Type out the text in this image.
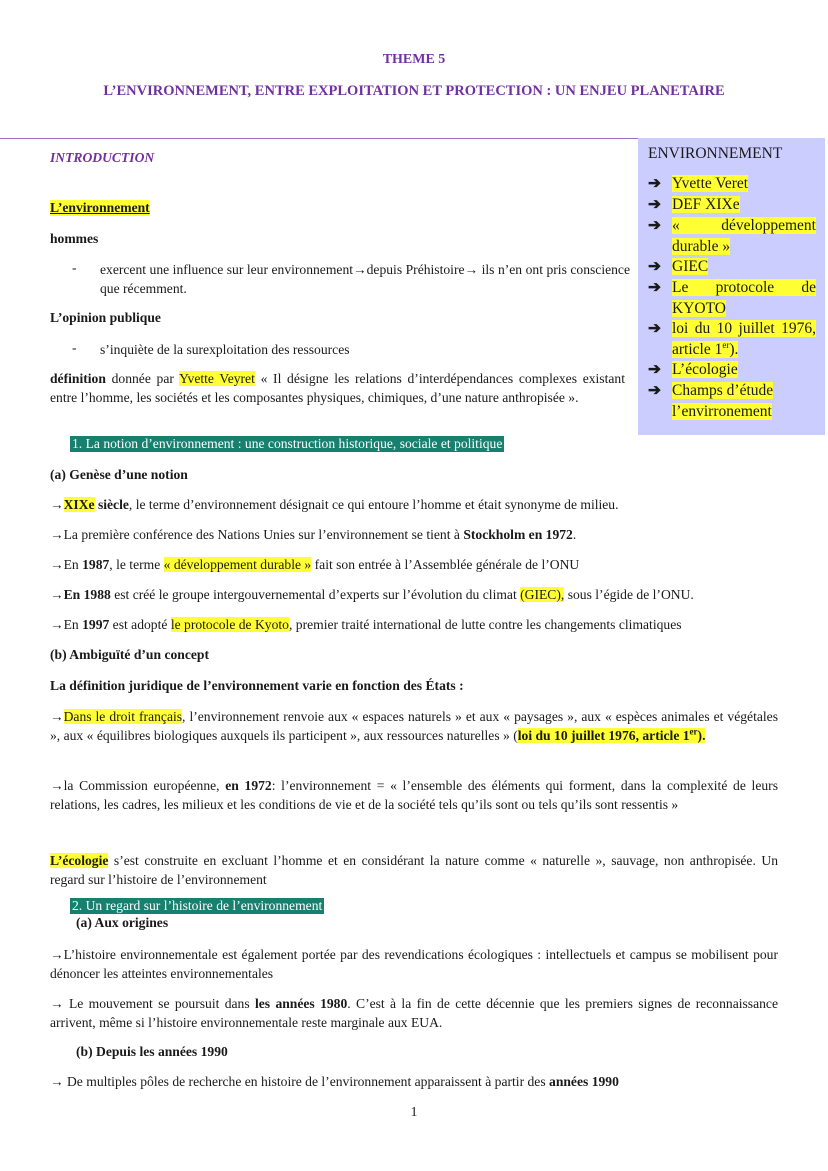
THEME 5
L’ENVIRONNEMENT, ENTRE EXPLOITATION ET PROTECTION : UN ENJEU PLANETAIRE
ENVIRONNEMENT
➔ Yvette Veret
➔ DEF XIXe
➔ « développement durable »
➔ GIEC
➔ Le protocole de KYOTO
➔ loi du 10 juillet 1976, article 1er).
➔ L’écologie
➔ Champs d’étude l’envirronement
INTRODUCTION
L’environnement
hommes
- exercent une influence sur leur environnement→depuis Préhistoire→ ils n’en ont pris conscience que récemment.
L’opinion publique
- s’inquiète de la surexploitation des ressources
définition donnée par Yvette Veyret « Il désigne les relations d’interdépendances complexes existant entre l’homme, les sociétés et les composantes physiques, chimiques, d’une nature anthropisée ».
1. La notion d’environnement : une construction historique, sociale et politique
(a) Genèse d’une notion
→XIXe siècle, le terme d’environnement désignait ce qui entoure l’homme et était synonyme de milieu.
→La première conférence des Nations Unies sur l’environnement se tient à Stockholm en 1972.
→En 1987, le terme « développement durable » fait son entrée à l’Assemblée générale de l’ONU
→En 1988 est créé le groupe intergouvernemental d’experts sur l’évolution du climat (GIEC), sous l’égide de l’ONU.
→En 1997 est adopté le protocole de Kyoto, premier traité international de lutte contre les changements climatiques
(b) Ambiguïté d’un concept
La définition juridique de l’environnement varie en fonction des États :
→Dans le droit français, l’environnement renvoie aux « espaces naturels » et aux « paysages », aux « espèces animales et végétales », aux « équilibres biologiques auxquels ils participent », aux ressources naturelles » (loi du 10 juillet 1976, article 1er).
→la Commission européenne, en 1972: l’environnement = « l’ensemble des éléments qui forment, dans la complexité de leurs relations, les cadres, les milieux et les conditions de vie et de la société tels qu’ils sont ou tels qu’ils sont ressentis »
L’écologie s’est construite en excluant l’homme et en considérant la nature comme « naturelle », sauvage, non anthropisée. Un regard sur l’histoire de l’environnement
2. Un regard sur l’histoire de l’environnement
(a) Aux origines
→L’histoire environnementale est également portée par des revendications écologiques : intellectuels et campus se mobilisent pour dénoncer les atteintes environnementales
→ Le mouvement se poursuit dans les années 1980. C’est à la fin de cette décennie que les premiers signes de reconnaissance arrivent, même si l’histoire environnementale reste marginale aux EUA.
(b) Depuis les années 1990
→ De multiples pôles de recherche en histoire de l’environnement apparaissent à partir des années 1990
1
